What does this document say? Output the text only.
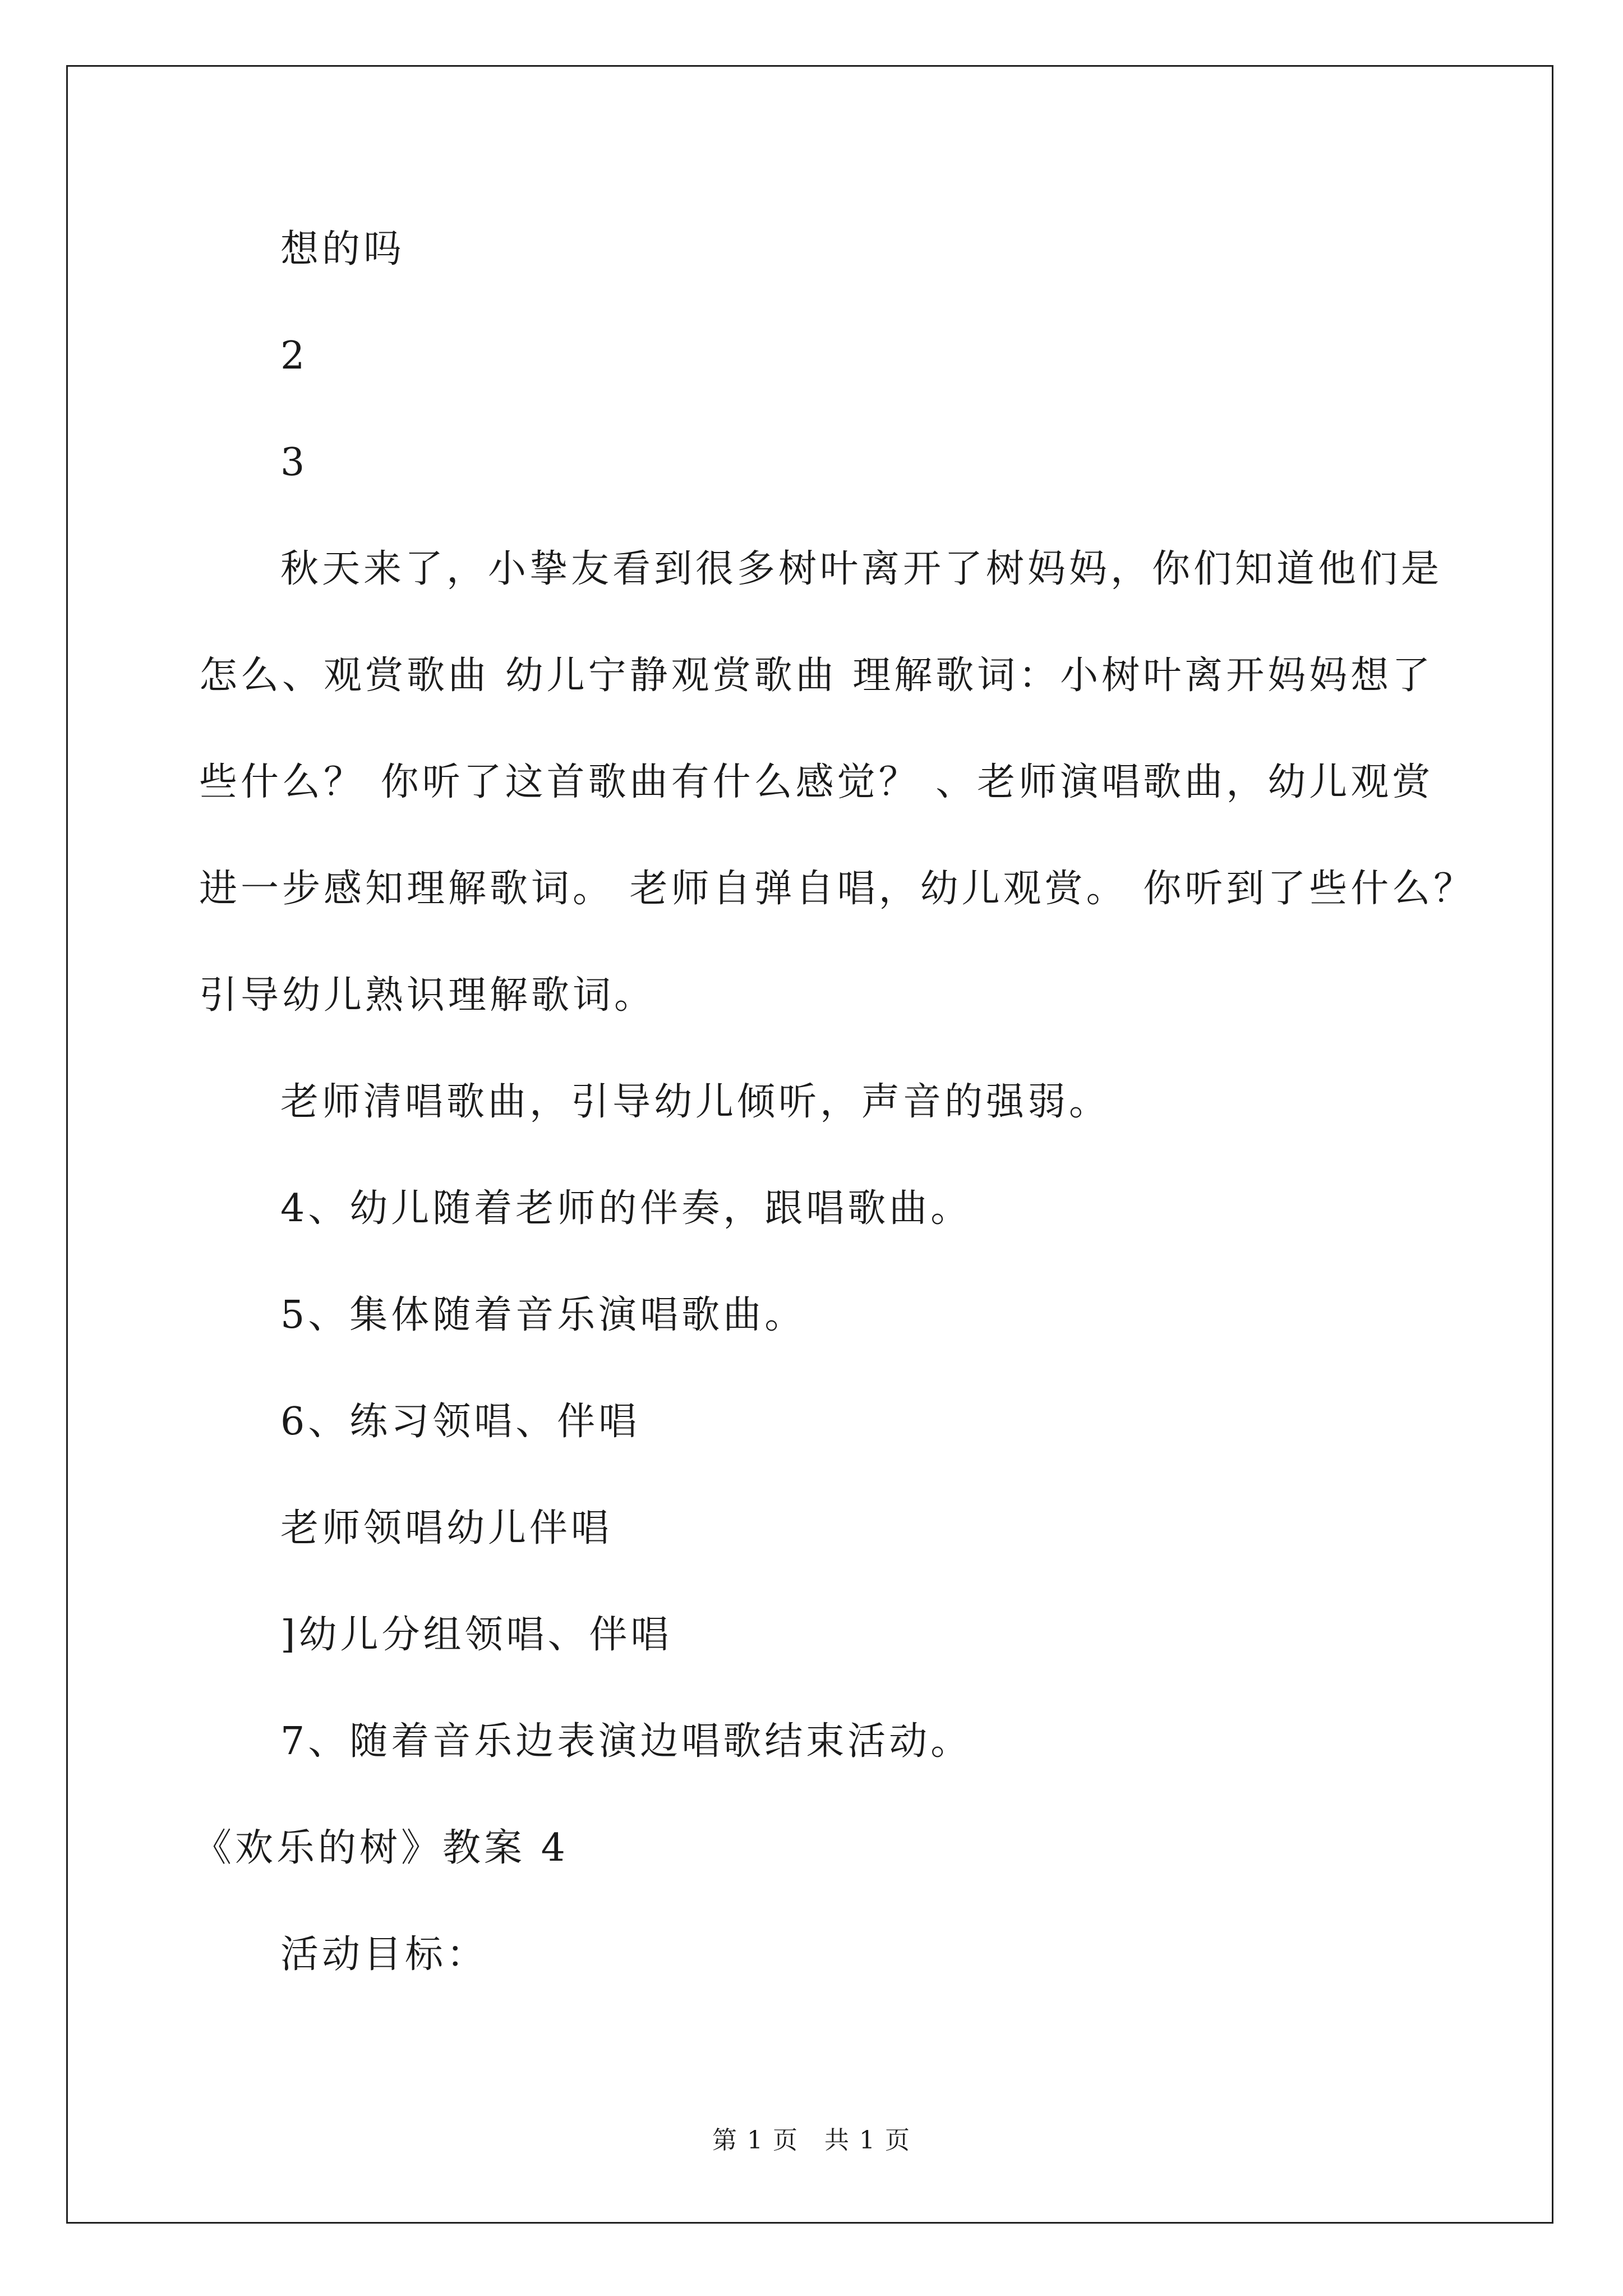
想的吗
2
3
秋天来了，小挚友看到很多树叶离开了树妈妈，你们知道他们是
怎么、观赏歌曲 幼儿宁静观赏歌曲 理解歌词：小树叶离开妈妈想了
些什么？ 你听了这首歌曲有什么感觉？ 、老师演唱歌曲，幼儿观赏
进一步感知理解歌词。 老师自弹自唱，幼儿观赏。 你听到了些什么？
引导幼儿熟识理解歌词。
老师清唱歌曲，引导幼儿倾听，声音的强弱。
4、幼儿随着老师的伴奏，跟唱歌曲。
5、集体随着音乐演唱歌曲。
6、练习领唱、伴唱
老师领唱幼儿伴唱
]幼儿分组领唱、伴唱
7、随着音乐边表演边唱歌结束活动。
《欢乐的树》教案 4
活动目标：
第 1 页　共 1 页
